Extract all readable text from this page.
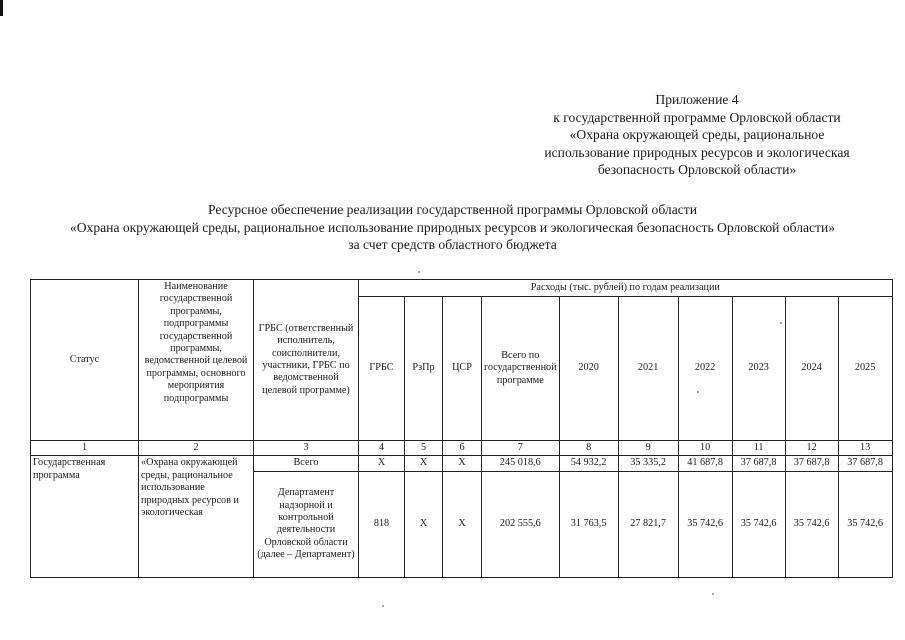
Приложение 4
к государственной программе Орловской области
«Охрана окружающей среды, рациональное
использование природных ресурсов и экологическая
безопасность Орловской области»
Ресурсное обеспечение реализации государственной программы Орловской области
«Охрана окружающей среды, рациональное использование природных ресурсов и экологическая безопасность Орловской области»
за счет средств областного бюджета
Статус	Наименование государственной программы, подпрограммы государственной программы, ведомственной целевой программы, основного мероприятия подпрограммы	ГРБС (ответственный исполнитель, соисполнители, участники, ГРБС по ведомственной целевой программе)	Расходы (тыс. рублей) по годам реализации									
			ГРБС	РзПр	ЦСР	Всего по государственной программе	2020	2021	2022	2023	2024	2025
1	2	3	4	5	6	7	8	9	10	11	12	13
Государственная программа	«Охрана окружающей среды, рациональное использование природных ресурсов и экологическая	Всего	X	X	X	245 018,6	54 932,2	35 335,2	41 687,8	37 687,8	37 687,8	37 687,8
		Департамент надзорной и контрольной деятельности Орловской области (далее – Департамент)	818	X	X	202 555,6	31 763,5	27 821,7	35 742,6	35 742,6	35 742,6	35 742,6
